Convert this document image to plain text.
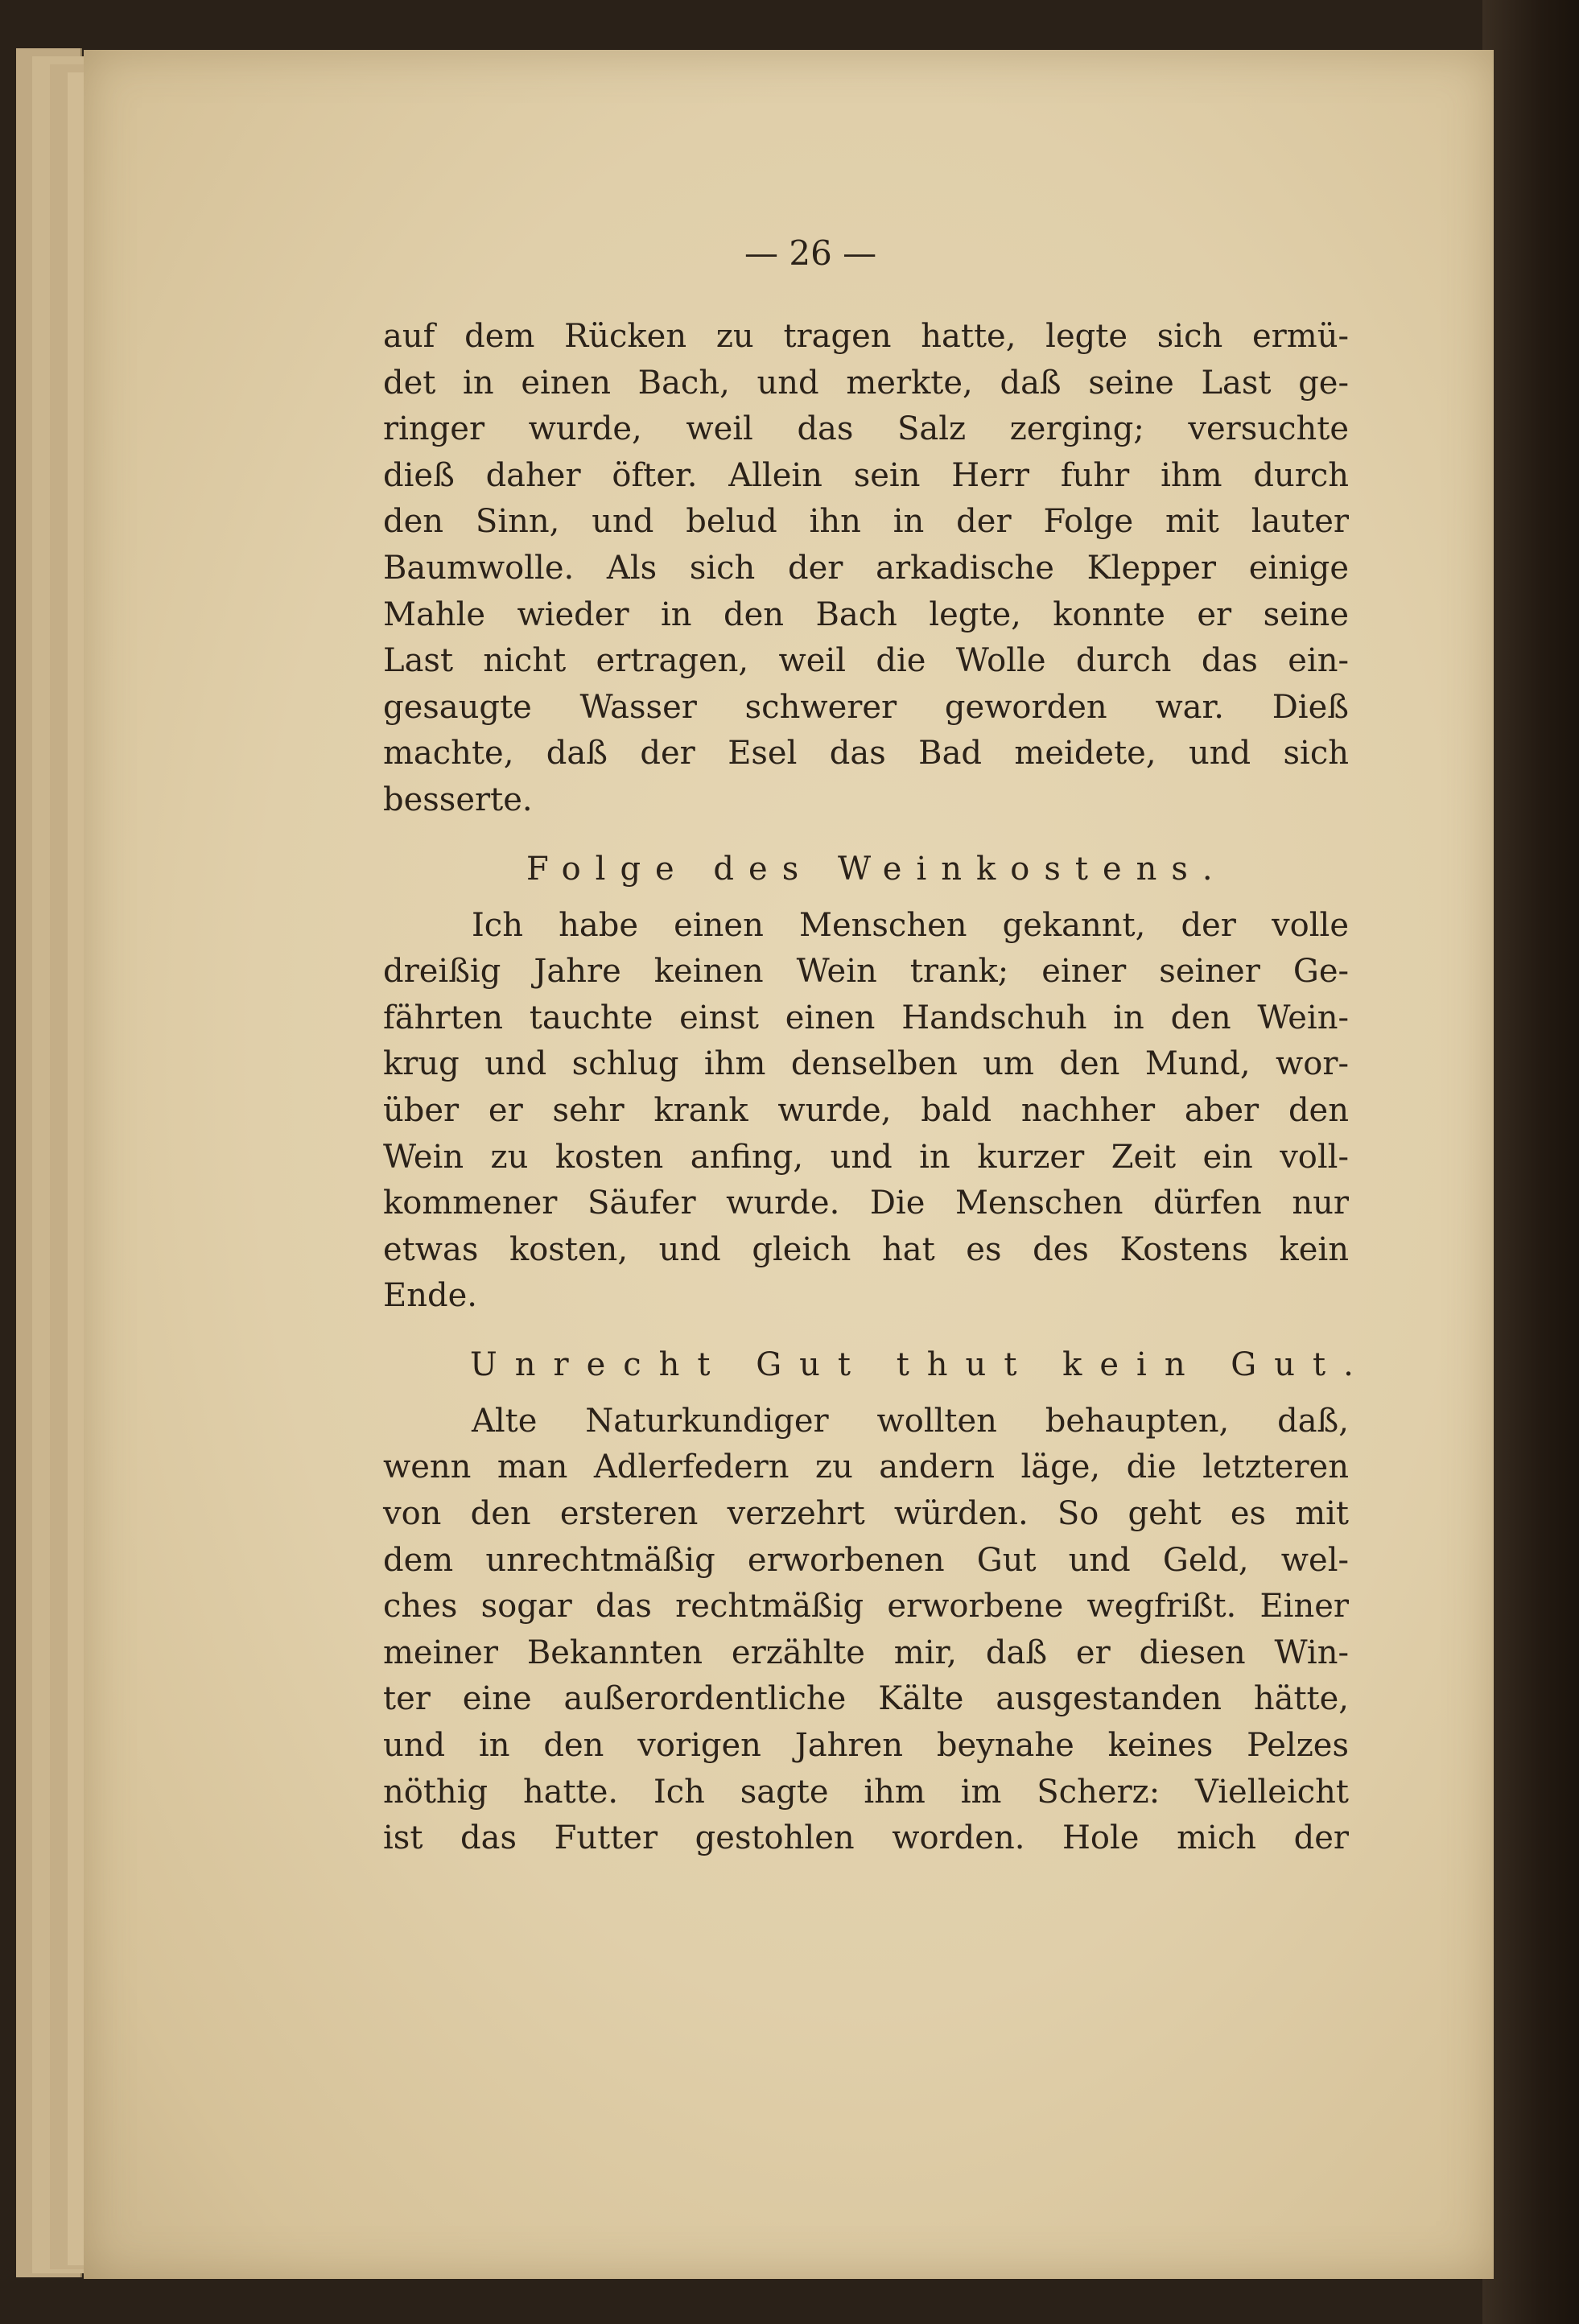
— 26 —
auf dem Rücken zu tragen hatte, legte sich ermü-
det in einen Bach, und merkte, daß seine Last ge-
ringer wurde, weil das Salz zerging; versuchte
dieß daher öfter. Allein sein Herr fuhr ihm durch
den Sinn, und belud ihn in der Folge mit lauter
Baumwolle. Als sich der arkadische Klepper einige
Mahle wieder in den Bach legte, konnte er seine
Last nicht ertragen, weil die Wolle durch das ein-
gesaugte Wasser schwerer geworden war. Dieß
machte, daß der Esel das Bad meidete, und sich
besserte.
Folge des Weinkostens.
Ich habe einen Menschen gekannt, der volle
dreißig Jahre keinen Wein trank; einer seiner Ge-
fährten tauchte einst einen Handschuh in den Wein-
krug und schlug ihm denselben um den Mund, wor-
über er sehr krank wurde, bald nachher aber den
Wein zu kosten anfing, und in kurzer Zeit ein voll-
kommener Säufer wurde. Die Menschen dürfen nur
etwas kosten, und gleich hat es des Kostens kein
Ende.
Unrecht Gut thut kein Gut.
Alte Naturkundiger wollten behaupten, daß,
wenn man Adlerfedern zu andern läge, die letzteren
von den ersteren verzehrt würden. So geht es mit
dem unrechtmäßig erworbenen Gut und Geld, wel-
ches sogar das rechtmäßig erworbene wegfrißt. Einer
meiner Bekannten erzählte mir, daß er diesen Win-
ter eine außerordentliche Kälte ausgestanden hätte,
und in den vorigen Jahren beynahe keines Pelzes
nöthig hatte. Ich sagte ihm im Scherz: Vielleicht
ist das Futter gestohlen worden. Hole mich der
